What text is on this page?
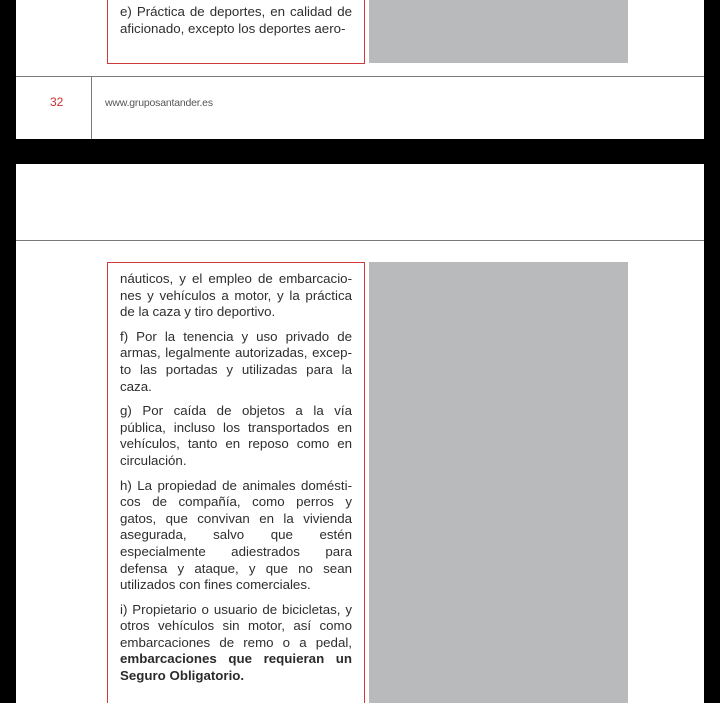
e) Práctica de deportes, en calidad de aficionado, excepto los deportes aero-

32	www.gruposantander.es

náuticos, y el empleo de embarcaciones y vehículos a motor, y la práctica de la caza y tiro deportivo.

f) Por la tenencia y uso privado de armas, legalmente autorizadas, excepto las portadas y utilizadas para la caza.

g) Por caída de objetos a la vía pública, incluso los transportados en vehículos, tanto en reposo como en circulación.

h) La propiedad de animales domésticos de compañía, como perros y gatos, que convivan en la vivienda asegurada, salvo que estén especialmente adiestrados para defensa y ataque, y que no sean utilizados con fines comerciales.

i) Propietario o usuario de bicicletas, y otros vehículos sin motor, así como embarcaciones de remo o a pedal, embarcaciones que requieran un Seguro Obligatorio.
